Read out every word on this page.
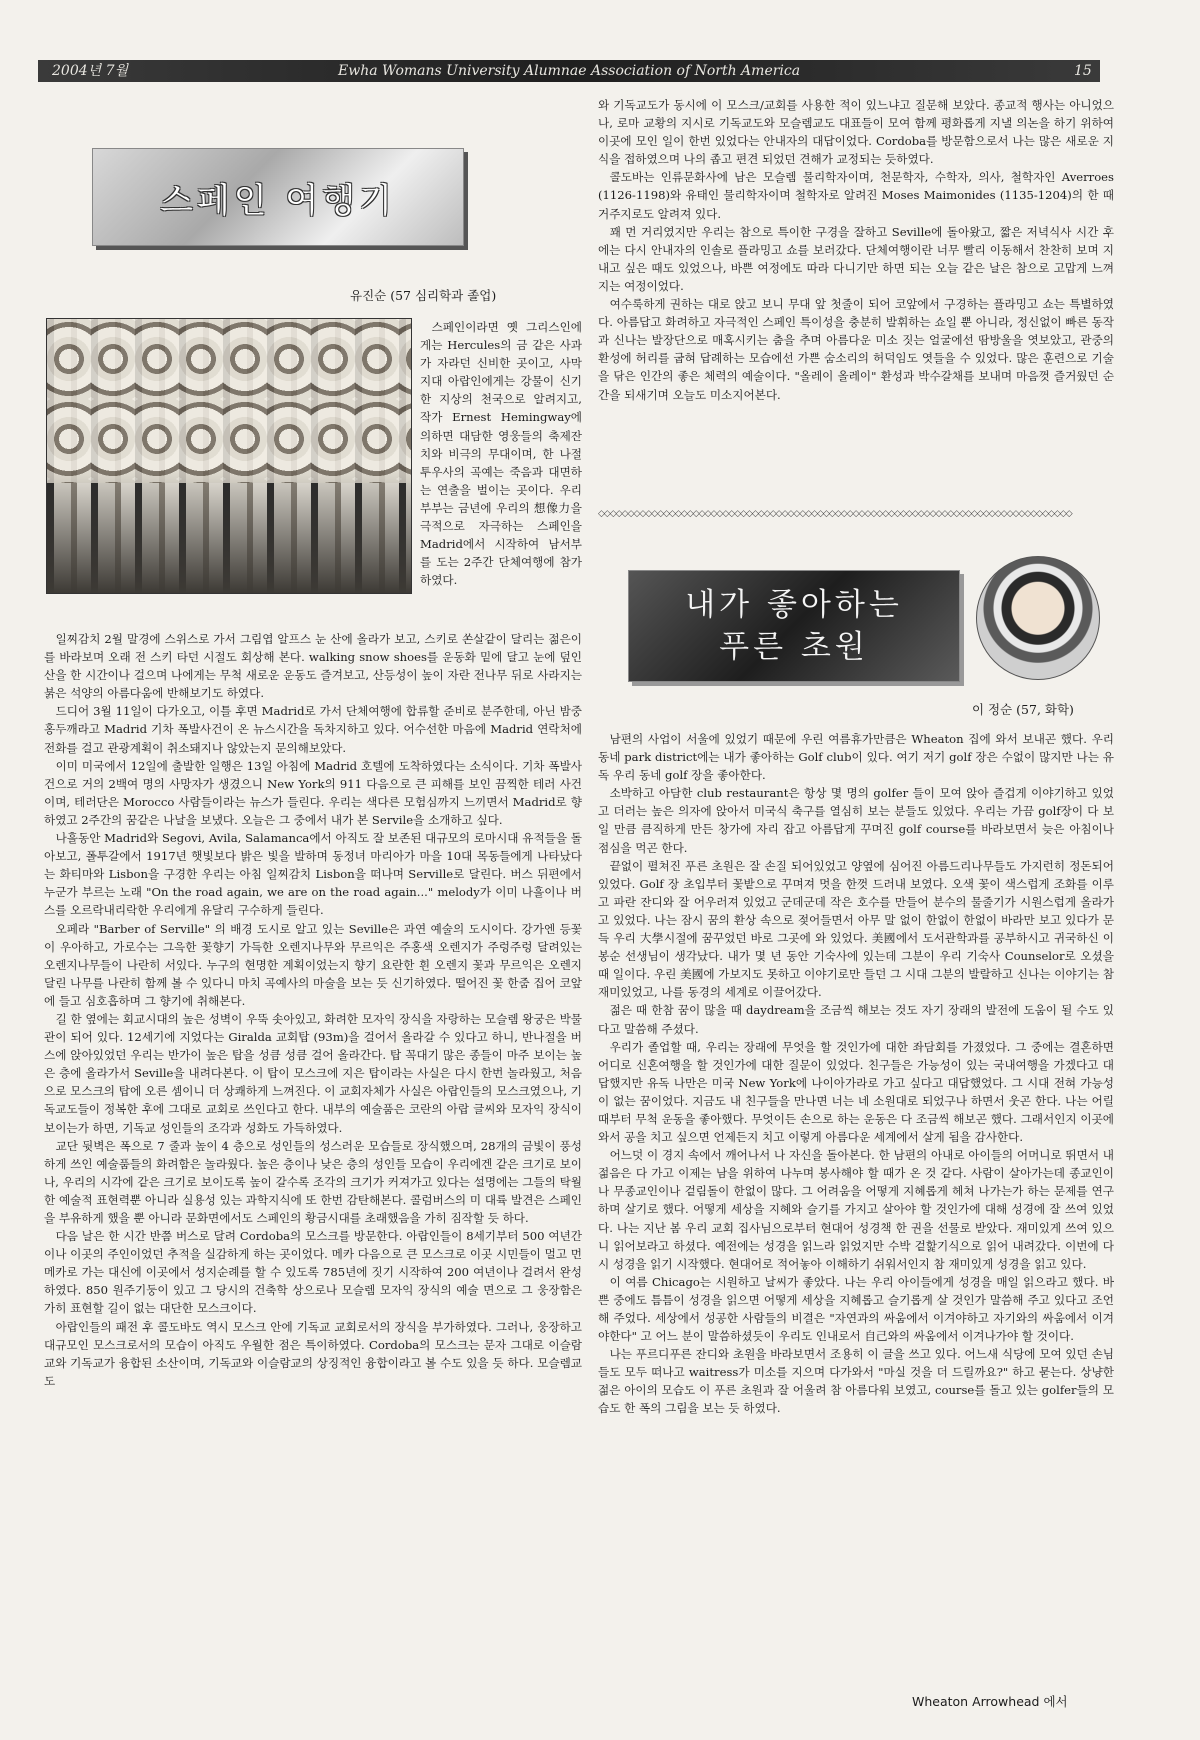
2004년 7월	Ewha Womans University Alumnae Association of North America	15
스페인 여행기
유진순 (57 심리학과 졸업)

일찌감치 2월 말경에 스위스로 가서 그림엽 알프스 눈 산에 올라가 보고, 스키로 쏜살같이 달리는 젊은이를 바라보며 오래 전 스키 타던 시절도 회상해 본다. walking snow shoes를 운동화 밑에 달고 눈에 덮인 산을 한 시간이나 걸으며 나에게는 무척 새로운 운동도 즐겨보고, 산등성이 높이 자란 전나무 뒤로 사라지는 붉은 석양의 아름다움에 반해보기도 하였다.

드디어 3월 11일이 다가오고, 이틀 후면 Madrid로 가서 단체여행에 합류할 준비로 분주한데, 아닌 밤중 홍두깨라고 Madrid 기차 폭발사건이 온 뉴스시간을 독차지하고 있다. 어수선한 마음에 Madrid 연락처에 전화를 걸고 관광계획이 취소돼지나 않았는지 문의해보았다.

이미 미국에서 12일에 출발한 일행은 13일 아침에 Madrid 호텔에 도착하였다는 소식이다. 기차 폭발사건으로 거의 2백여 명의 사망자가 생겼으니 New York의 911 다음으로 큰 피해를 보인 끔찍한 테러 사건이며, 테러단은 Morocco 사람들이라는 뉴스가 들린다. 우리는 색다른 모험심까지 느끼면서 Madrid로 향하였고 2주간의 꿈같은 나날을 보냈다. 오늘은 그 중에서 내가 본 Servile을 소개하고 싶다.

나흘동안 Madrid와 Segovi, Avila, Salamanca에서 아직도 잘 보존된 대규모의 로마시대 유적들을 돌아보고, 폴투갈에서 1917년 햇빛보다 밝은 빛을 발하며 동정녀 마리아가 마을 10대 목동들에게 나타났다는 화티마와 Lisbon을 구경한 우리는 아침 일찌감치 Lisbon을 떠나며 Serville로 달린다. 버스 뒤편에서 누군가 부르는 노래 "On the road again, we are on the road again..." melody가 이미 나흘이나 버스를 오르락내리락한 우리에게 유달리 구수하게 들린다.

오페라 "Barber of Serville" 의 배경 도시로 알고 있는 Seville은 과연 예술의 도시이다. 강가엔 등꽃이 우아하고, 가로수는 그윽한 꽃향기 가득한 오렌지나무와 무르익은 주홍색 오렌지가 주렁주렁 달려있는 오렌지나무들이 나란히 서있다. 누구의 현명한 계획이었는지 향기 요란한 흰 오렌지 꽃과 무르익은 오렌지 달린 나무를 나란히 함께 볼 수 있다니 마치 곡예사의 마술을 보는 듯 신기하였다. 떨어진 꽃 한줌 집어 코앞에 들고 심호흡하며 그 향기에 취해본다.

길 한 옆에는 회교시대의 높은 성벽이 우뚝 솟아있고, 화려한 모자익 장식을 자랑하는 모슬렘 왕궁은 박물관이 되어 있다. 12세기에 지었다는 Giralda 교회탑 (93m)을 걸어서 올라갈 수 있다고 하니, 반나절을 버스에 앉아있었던 우리는 반가이 높은 탑을 성큼 성큼 걸어 올라간다. 탑 꼭대기 많은 종들이 마주 보이는 높은 층에 올라가서 Seville을 내려다본다. 이 탑이 모스크에 지은 탑이라는 사실은 다시 한번 놀라웠고, 처음으로 모스크의 탑에 오른 셈이니 더 상쾌하게 느껴진다. 이 교회자체가 사실은 아랍인들의 모스크였으나, 기독교도들이 정복한 후에 그대로 교회로 쓰인다고 한다. 내부의 예술품은 코란의 아랍 글씨와 모자익 장식이 보이는가 하면, 기독교 성인들의 조각과 성화도 가득하였다.

교단 뒷벽은 폭으로 7 줄과 높이 4 층으로 성인들의 성스러운 모습들로 장식했으며, 28개의 금빛이 풍성하게 쓰인 예술품들의 화려함은 놀라웠다. 높은 층이나 낮은 층의 성인들 모습이 우리에겐 같은 크기로 보이나, 우리의 시각에 같은 크기로 보이도록 높이 갈수록 조각의 크기가 커져가고 있다는 설명에는 그들의 탁월한 예술적 표현력뿐 아니라 실용성 있는 과학지식에 또 한번 감탄해본다. 콜럼버스의 미 대륙 발견은 스페인을 부유하게 했을 뿐 아니라 문화면에서도 스페인의 황금시대를 초래했음을 가히 짐작할 듯 하다.

다음 날은 한 시간 반쯤 버스로 달려 Cordoba의 모스크를 방문한다. 아랍인들이 8세기부터 500 여년간이나 이곳의 주인이었던 추적을 실감하게 하는 곳이었다. 메카 다음으로 큰 모스크로 이곳 시민들이 멀고 먼 메카로 가는 대신에 이곳에서 성지순례를 할 수 있도록 785년에 짓기 시작하여 200 여년이나 걸려서 완성하였다. 850 원주기둥이 있고 그 당시의 건축학 상으로나 모슬렘 모자익 장식의 예술 면으로 그 웅장함은 가히 표현할 길이 없는 대단한 모스크이다.

아랍인들의 패전 후 콜도바도 역시 모스크 안에 기독교 교회로서의 장식을 부가하였다. 그러나, 웅장하고 대규모인 모스크로서의 모습이 아직도 우월한 점은 특이하였다. Cordoba의 모스크는 문자 그대로 이슬람교와 기독교가 융합된 소산이며, 기독교와 이슬람교의 상징적인 융합이라고 볼 수도 있을 듯 하다. 모슬렘교도

스페인이라면 옛 그리스인에게는 Hercules의 금 같은 사과가 자라던 신비한 곳이고, 사막지대 아랍인에게는 강물이 신기한 지상의 천국으로 알려지고, 작가 Ernest Hemingway에 의하면 대담한 영웅들의 축제잔치와 비극의 무대이며, 한 나절 투우사의 곡예는 죽음과 대면하는 연출을 벌이는 곳이다. 우리 부부는 금년에 우리의 想像力을 극적으로 자극하는 스페인을 Madrid에서 시작하여 남서부를 도는 2주간 단체여행에 참가하였다.

와 기독교도가 동시에 이 모스크/교회를 사용한 적이 있느냐고 질문해 보았다. 종교적 행사는 아니었으나, 로마 교황의 지시로 기독교도와 모슬렘교도 대표들이 모여 함께 평화롭게 지낼 의논을 하기 위하여 이곳에 모인 일이 한번 있었다는 안내자의 대답이었다. Cordoba를 방문함으로서 나는 많은 새로운 지식을 접하였으며 나의 좁고 편견 되었던 견해가 교정되는 듯하였다.

콜도바는 인류문화사에 남은 모슬렘 물리학자이며, 천문학자, 수학자, 의사, 철학자인 Averroes (1126-1198)와 유태인 물리학자이며 철학자로 알려진 Moses Maimonides (1135-1204)의 한 때 거주지로도 알려져 있다.

꽤 먼 거리였지만 우리는 참으로 특이한 구경을 잘하고 Seville에 돌아왔고, 짧은 저녁식사 시간 후에는 다시 안내자의 인솔로 플라밍고 쇼를 보러갔다. 단체여행이란 너무 빨리 이동해서 찬찬히 보며 지내고 싶은 때도 있었으나, 바쁜 여정에도 따라 다니기만 하면 되는 오늘 같은 날은 참으로 고맙게 느껴지는 여정이었다.

여수룩하게 권하는 대로 앉고 보니 무대 앞 첫줄이 되어 코앞에서 구경하는 플라밍고 쇼는 특별하였다. 아름답고 화려하고 자극적인 스페인 특이성을 충분히 발휘하는 쇼일 뿐 아니라, 정신없이 빠른 동작과 신나는 발장단으로 매혹시키는 춤을 추며 아름다운 미소 짓는 얼굴에선 땀방울을 엿보았고, 관중의 환성에 허리를 굽혀 답례하는 모습에선 가쁜 숨소리의 허덕임도 엿들을 수 있었다. 많은 훈련으로 기술을 닦은 인간의 좋은 체력의 예술이다. "올레이 올레이" 환성과 박수갈채를 보내며 마음껏 즐거웠던 순간을 되새기며 오늘도 미소지어본다.

◇◇◇◇◇◇◇◇◇◇◇◇◇◇◇◇◇◇◇◇◇◇◇◇◇◇◇◇◇◇◇◇◇◇◇◇◇◇◇◇◇◇◇◇◇◇◇◇◇◇◇◇◇◇◇◇◇◇◇◇◇◇◇◇◇◇◇◇◇◇◇◇◇◇◇◇◇◇◇◇
내가 좋아하는
푸른 초원
이 정순 (57, 화학)

남편의 사업이 서울에 있었기 때문에 우린 여름휴가만큼은 Wheaton 집에 와서 보내곤 했다. 우리 동네 park district에는 내가 좋아하는 Golf club이 있다. 여기 저기 golf 장은 수없이 많지만 나는 유독 우리 동네 golf 장을 좋아한다.

소박하고 아담한 club restaurant은 항상 몇 명의 golfer 들이 모여 앉아 즐겁게 이야기하고 있었고 더러는 높은 의자에 앉아서 미국식 축구를 열심히 보는 분들도 있었다. 우리는 가끔 golf장이 다 보일 만큼 큼직하게 만든 창가에 자리 잡고 아름답게 꾸며진 golf course를 바라보면서 늦은 아침이나 점심을 먹곤 한다.

끝없이 펼쳐진 푸른 초원은 잘 손질 되어있었고 양옆에 심어진 아름드리나무들도 가지런히 정돈되어 있었다. Golf 장 초입부터 꽃밭으로 꾸며져 멋을 한껏 드러내 보였다. 오색 꽃이 색스럽게 조화를 이루고 파란 잔디와 잘 어우러져 있었고 군데군데 작은 호수를 만들어 분수의 물줄기가 시원스럽게 올라가고 있었다. 나는 잠시 꿈의 환상 속으로 젖어들면서 아무 말 없이 한없이 한없이 바라만 보고 있다가 문득 우리 大學시절에 꿈꾸었던 바로 그곳에 와 있었다. 美國에서 도서관학과를 공부하시고 귀국하신 이봉순 선생님이 생각났다. 내가 몇 년 동안 기숙사에 있는데 그분이 우리 기숙사 Counselor로 오셨을 때 일이다. 우린 美國에 가보지도 못하고 이야기로만 들던 그 시대 그분의 발랄하고 신나는 이야기는 참 재미있었고, 나를 동경의 세계로 이끌어갔다.

젊은 때 한참 꿈이 많을 때 daydream을 조금씩 해보는 것도 자기 장래의 발전에 도움이 될 수도 있다고 말씀해 주셨다.

우리가 졸업할 때, 우리는 장래에 무엇을 할 것인가에 대한 좌담회를 가졌었다. 그 중에는 결혼하면 어디로 신혼여행을 할 것인가에 대한 질문이 있었다. 친구들은 가능성이 있는 국내여행을 가겠다고 대답했지만 유독 나만은 미국 New York에 나이아가라로 가고 싶다고 대답했었다. 그 시대 전혀 가능성이 없는 꿈이었다. 지금도 내 친구들을 만나면 너는 네 소원대로 되었구나 하면서 웃곤 한다. 나는 어릴 때부터 무척 운동을 좋아했다. 무엇이든 손으로 하는 운동은 다 조금씩 해보곤 했다. 그래서인지 이곳에 와서 공을 치고 싶으면 언제든지 치고 이렇게 아름다운 세계에서 살게 됨을 감사한다.

어느덧 이 경지 속에서 깨어나서 나 자신을 돌아본다. 한 남편의 아내로 아이들의 어머니로 뛰면서 내 젊음은 다 가고 이제는 남을 위하여 나누며 봉사해야 할 때가 온 것 같다. 사람이 살아가는데 종교인이나 무종교인이나 겉림돌이 한없이 많다. 그 어려움을 어떻게 지혜롭게 헤쳐 나가는가 하는 문제를 연구하며 살기로 했다. 어떻게 세상을 지혜와 슬기를 가지고 살아야 할 것인가에 대해 성경에 잘 쓰여 있었다. 나는 지난 봄 우리 교회 집사님으로부터 현대어 성경책 한 권을 선물로 받았다. 재미있게 쓰여 있으니 읽어보라고 하셨다. 예전에는 성경을 읽느라 읽었지만 수박 겉핥기식으로 읽어 내려갔다. 이번에 다시 성경을 읽기 시작했다. 현대어로 적어놓아 이해하기 쉬워서인지 참 재미있게 성경을 읽고 있다.

이 여름 Chicago는 시원하고 날씨가 좋았다. 나는 우리 아이들에게 성경을 매일 읽으라고 했다. 바쁜 중에도 틈틈이 성경을 읽으면 어떻게 세상을 지혜롭고 슬기롭게 살 것인가 말씀해 주고 있다고 조언해 주었다. 세상에서 성공한 사람들의 비결은 "자연과의 싸움에서 이겨야하고 자기와의 싸움에서 이겨야한다" 고 어느 분이 말씀하셨듯이 우리도 인내로서 自己와의 싸움에서 이겨나가야 할 것이다.

나는 푸르디푸른 잔디와 초원을 바라보면서 조용히 이 글을 쓰고 있다. 어느새 식당에 모여 있던 손님들도 모두 떠나고 waitress가 미소를 지으며 다가와서 "마실 것을 더 드릴까요?" 하고 묻는다. 상냥한 젊은 아이의 모습도 이 푸른 초원과 잘 어울려 참 아름다워 보였고, course를 돌고 있는 golfer들의 모습도 한 폭의 그림을 보는 듯 하였다.

Wheaton Arrowhead 에서
